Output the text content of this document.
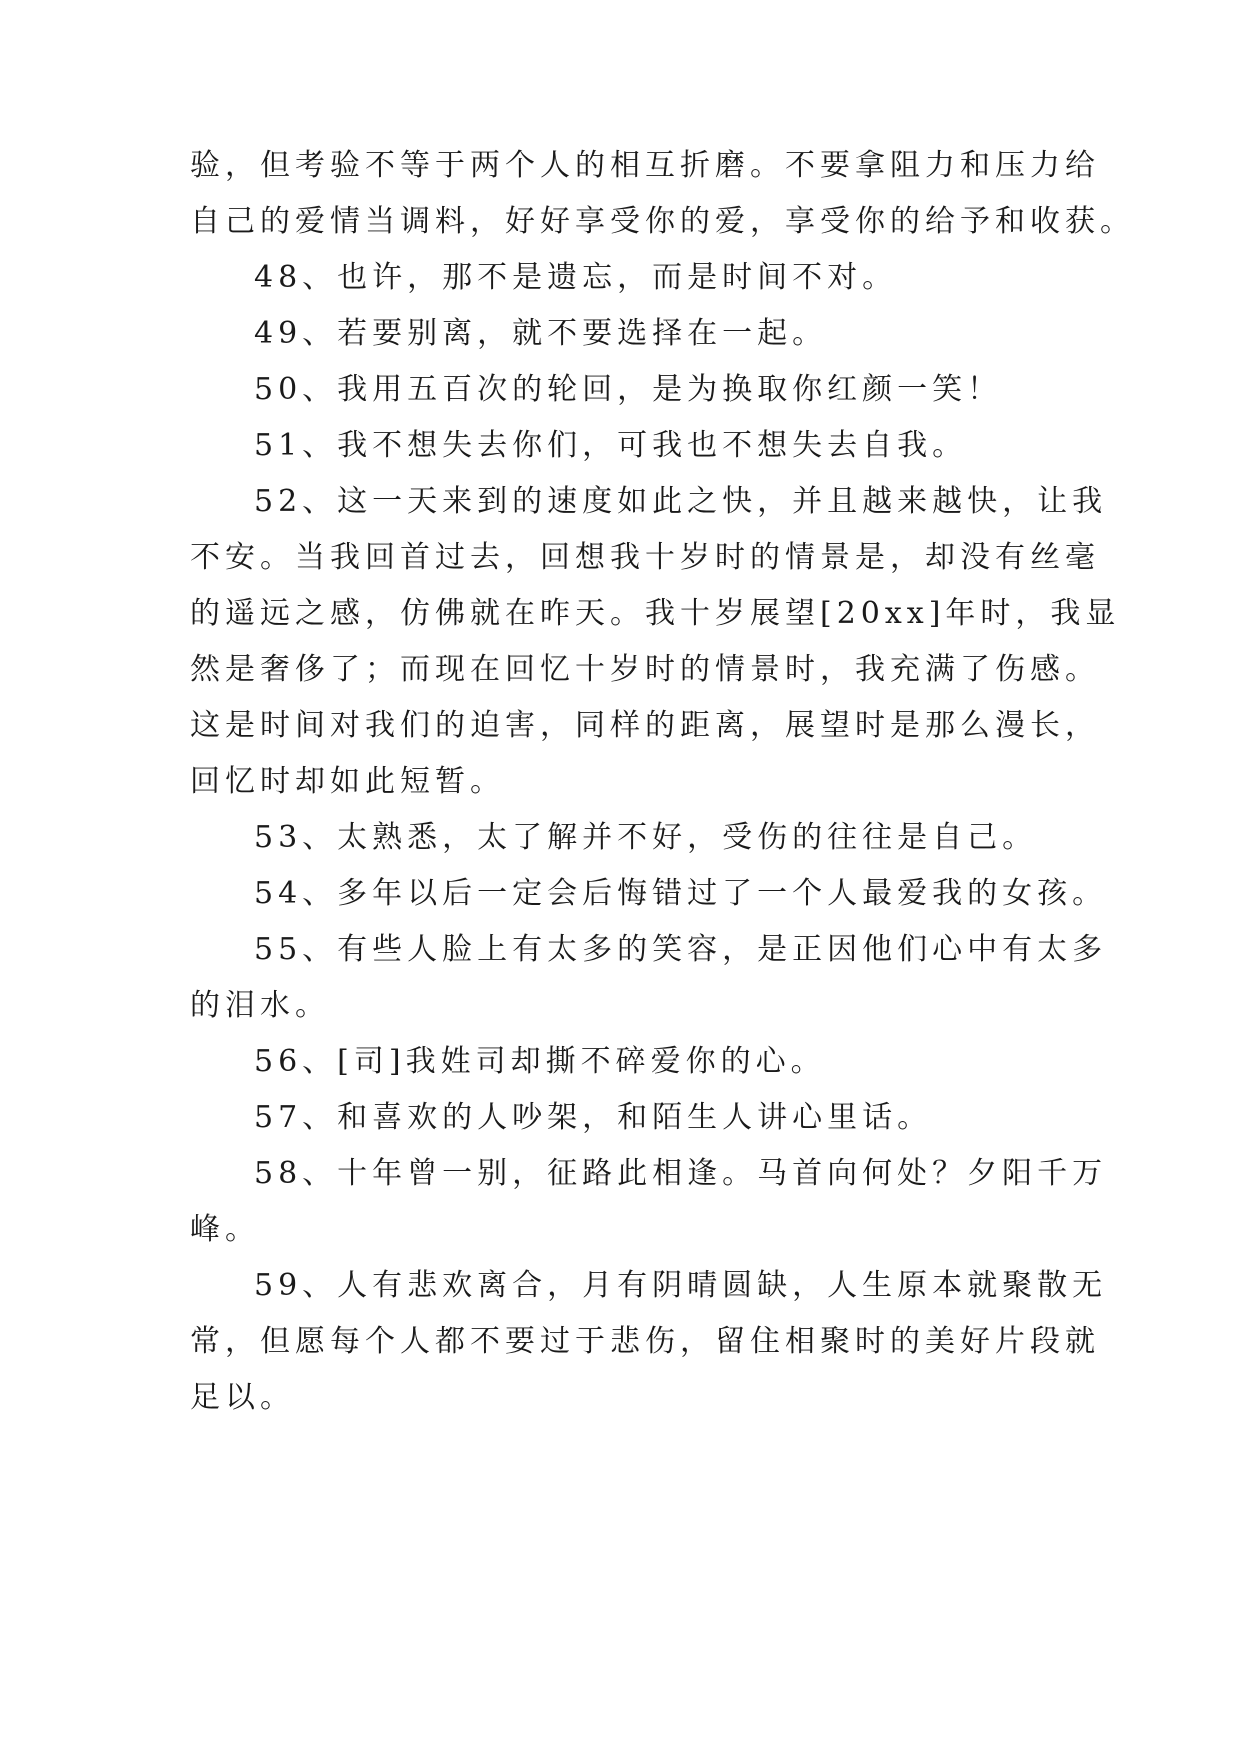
验，但考验不等于两个人的相互折磨。不要拿阻力和压力给
自己的爱情当调料，好好享受你的爱，享受你的给予和收获。
48、也许，那不是遗忘，而是时间不对。
49、若要别离，就不要选择在一起。
50、我用五百次的轮回，是为换取你红颜一笑！
51、我不想失去你们，可我也不想失去自我。
52、这一天来到的速度如此之快，并且越来越快，让我
不安。当我回首过去，回想我十岁时的情景是，却没有丝毫
的遥远之感，仿佛就在昨天。我十岁展望[20xx]年时，我显
然是奢侈了；而现在回忆十岁时的情景时，我充满了伤感。
这是时间对我们的迫害，同样的距离，展望时是那么漫长，
回忆时却如此短暂。
53、太熟悉，太了解并不好，受伤的往往是自己。
54、多年以后一定会后悔错过了一个人最爱我的女孩。
55、有些人脸上有太多的笑容，是正因他们心中有太多
的泪水。
56、[司]我姓司却撕不碎爱你的心。
57、和喜欢的人吵架，和陌生人讲心里话。
58、十年曾一别，征路此相逢。马首向何处？夕阳千万
峰。
59、人有悲欢离合，月有阴晴圆缺，人生原本就聚散无
常，但愿每个人都不要过于悲伤，留住相聚时的美好片段就
足以。
